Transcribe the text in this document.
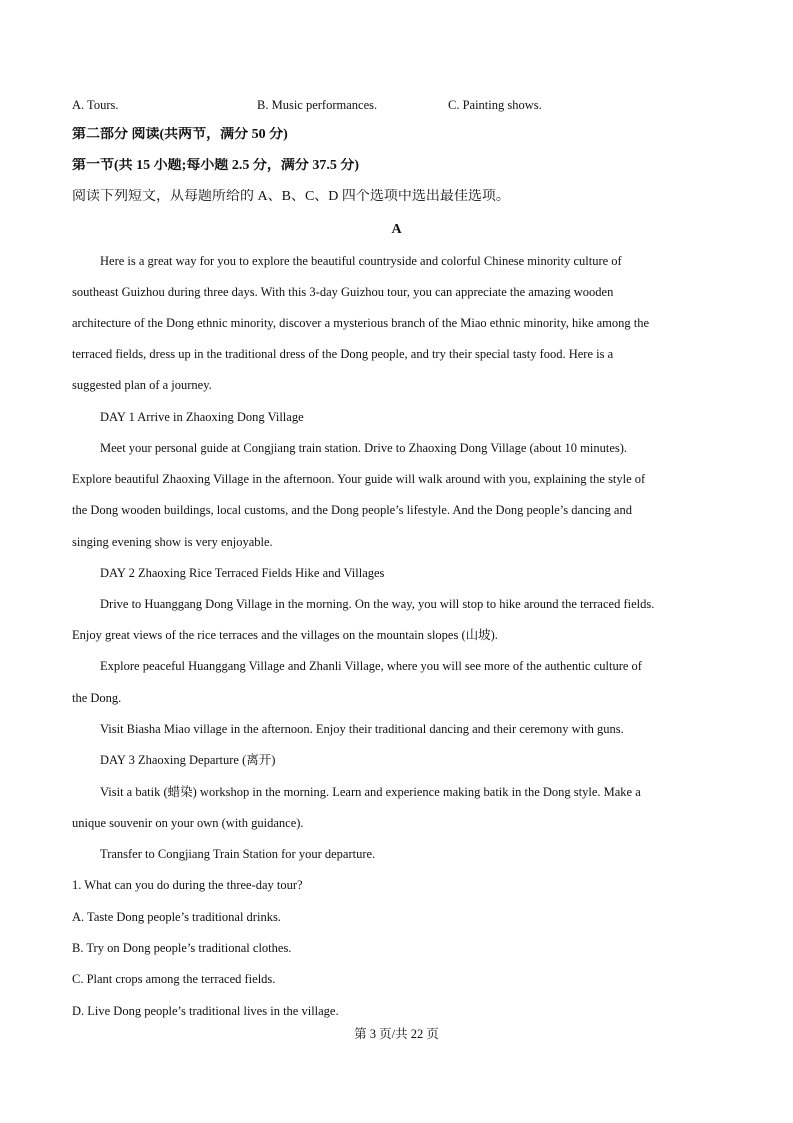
A. Tours.	B. Music performances.	C. Painting shows.
第二部分 阅读(共两节，满分 50 分)
第一节(共 15 小题;每小题 2.5 分，满分 37.5 分)
阅读下列短文，从每题所给的 A、B、C、D 四个选项中选出最佳选项。
A
Here is a great way for you to explore the beautiful countryside and colorful Chinese minority culture of
southeast Guizhou during three days. With this 3-day Guizhou tour, you can appreciate the amazing wooden
architecture of the Dong ethnic minority, discover a mysterious branch of the Miao ethnic minority, hike among the
terraced fields, dress up in the traditional dress of the Dong people, and try their special tasty food. Here is a
suggested plan of a journey.
DAY 1 Arrive in Zhaoxing Dong Village
Meet your personal guide at Congjiang train station. Drive to Zhaoxing Dong Village (about 10 minutes).
Explore beautiful Zhaoxing Village in the afternoon. Your guide will walk around with you, explaining the style of
the Dong wooden buildings, local customs, and the Dong people’s lifestyle. And the Dong people’s dancing and
singing evening show is very enjoyable.
DAY 2 Zhaoxing Rice Terraced Fields Hike and Villages
Drive to Huanggang Dong Village in the morning. On the way, you will stop to hike around the terraced fields.
Enjoy great views of the rice terraces and the villages on the mountain slopes (山坡).
Explore peaceful Huanggang Village and Zhanli Village, where you will see more of the authentic culture of
the Dong.
Visit Biasha Miao village in the afternoon. Enjoy their traditional dancing and their ceremony with guns.
DAY 3 Zhaoxing Departure (离开)
Visit a batik (蜡染) workshop in the morning. Learn and experience making batik in the Dong style. Make a
unique souvenir on your own (with guidance).
Transfer to Congjiang Train Station for your departure.
1. What can you do during the three-day tour?
A. Taste Dong people’s traditional drinks.
B. Try on Dong people’s traditional clothes.
C. Plant crops among the terraced fields.
D. Live Dong people’s traditional lives in the village.
第 3 页/共 22 页
